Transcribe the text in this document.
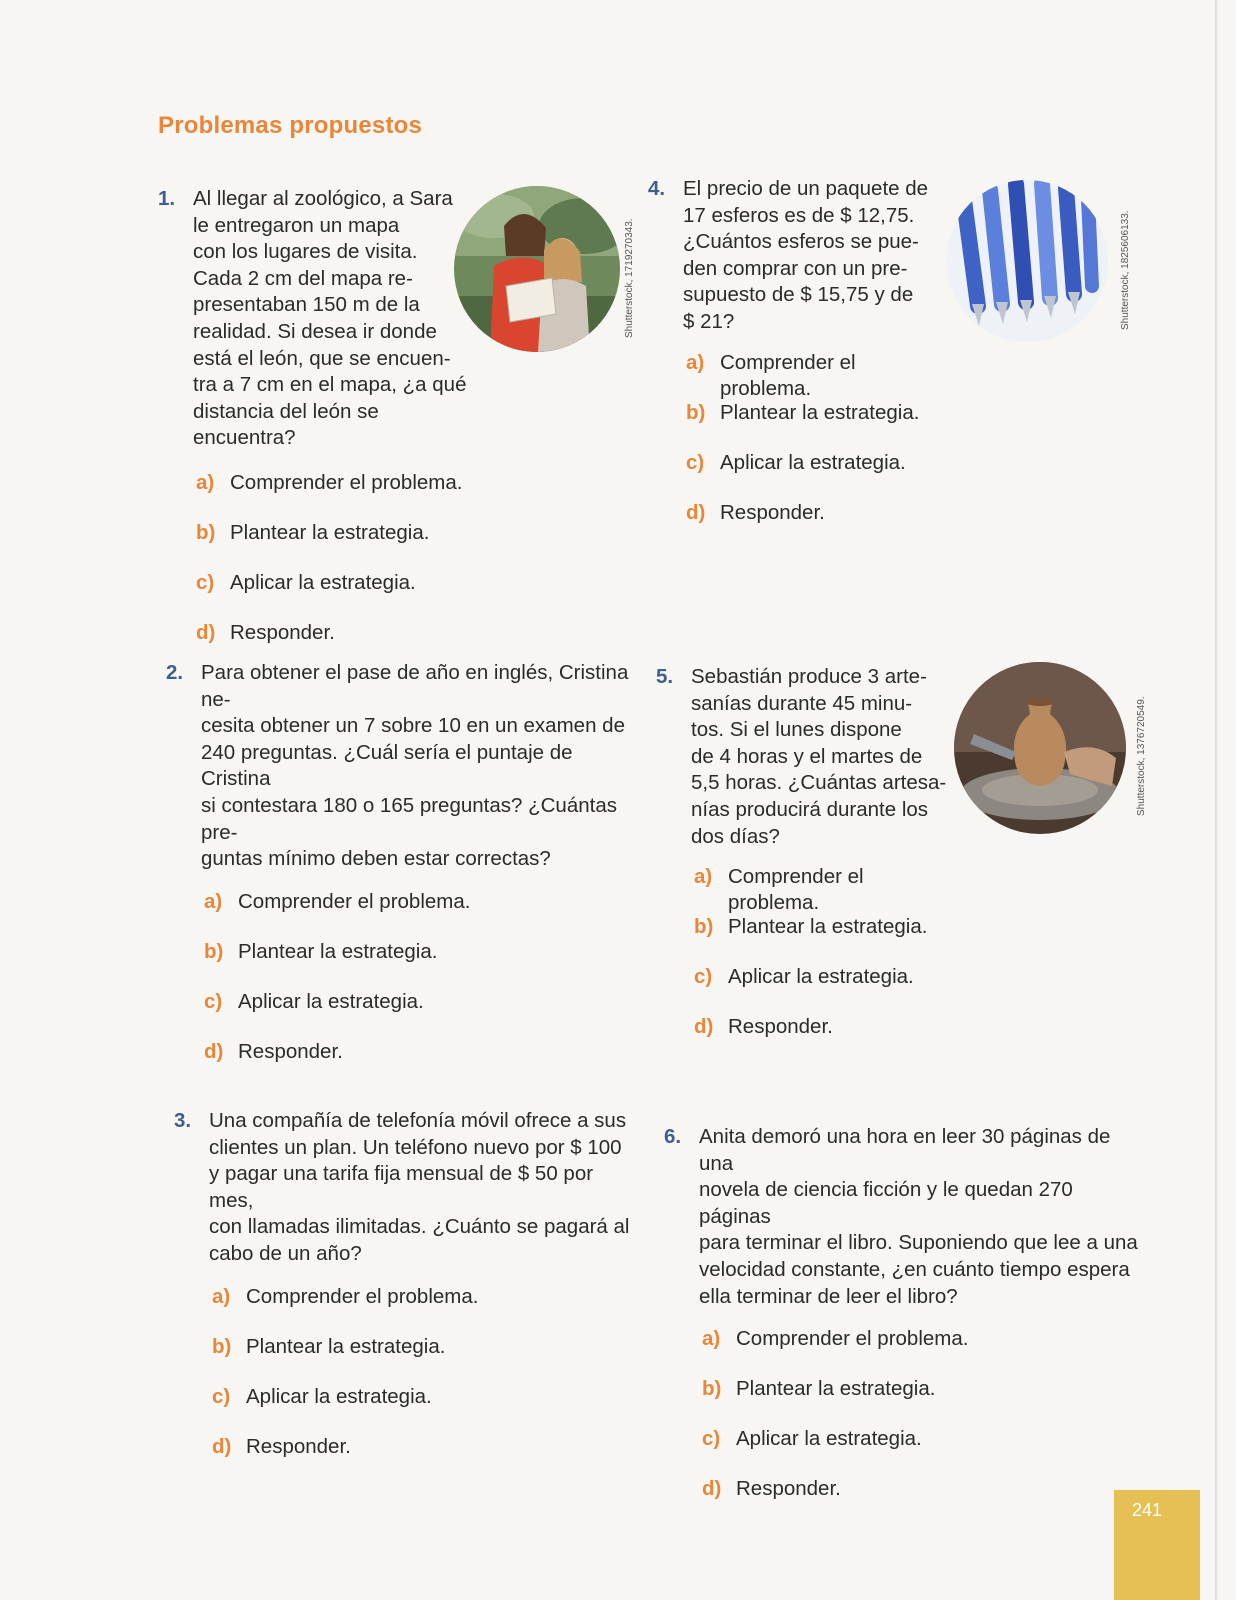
Problemas propuestos
1. Al llegar al zoológico, a Sara
le entregaron un mapa
con los lugares de visita.
Cada 2 cm del mapa re-
presentaban 150 m de la
realidad. Si desea ir donde
está el león, que se encuen-
tra a 7 cm en el mapa, ¿a qué
distancia del león se encuentra?
a) Comprender el problema.
b) Plantear la estrategia.
c) Aplicar la estrategia.
d) Responder.
Shutterstock, 1719270343.
4. El precio de un paquete de
17 esferos es de $ 12,75.
¿Cuántos esferos se pue-
den comprar con un pre-
supuesto de $ 15,75 y de
$ 21?
a) Comprender el problema.
b) Plantear la estrategia.
c) Aplicar la estrategia.
d) Responder.
Shutterstock, 1825606133.
2. Para obtener el pase de año en inglés, Cristina ne-
cesita obtener un 7 sobre 10 en un examen de
240 preguntas. ¿Cuál sería el puntaje de Cristina
si contestara 180 o 165 preguntas? ¿Cuántas pre-
guntas mínimo deben estar correctas?
a) Comprender el problema.
b) Plantear la estrategia.
c) Aplicar la estrategia.
d) Responder.
5. Sebastián produce 3 arte-
sanías durante 45 minu-
tos. Si el lunes dispone
de 4 horas y el martes de
5,5 horas. ¿Cuántas artesa-
nías producirá durante los
dos días?
a) Comprender el problema.
b) Plantear la estrategia.
c) Aplicar la estrategia.
d) Responder.
Shutterstock, 1376720549.
3. Una compañía de telefonía móvil ofrece a sus
clientes un plan. Un teléfono nuevo por $ 100
y pagar una tarifa fija mensual de $ 50 por mes,
con llamadas ilimitadas. ¿Cuánto se pagará al
cabo de un año?
a) Comprender el problema.
b) Plantear la estrategia.
c) Aplicar la estrategia.
d) Responder.
6. Anita demoró una hora en leer 30 páginas de una
novela de ciencia ficción y le quedan 270 páginas
para terminar el libro. Suponiendo que lee a una
velocidad constante, ¿en cuánto tiempo espera
ella terminar de leer el libro?
a) Comprender el problema.
b) Plantear la estrategia.
c) Aplicar la estrategia.
d) Responder.
241
